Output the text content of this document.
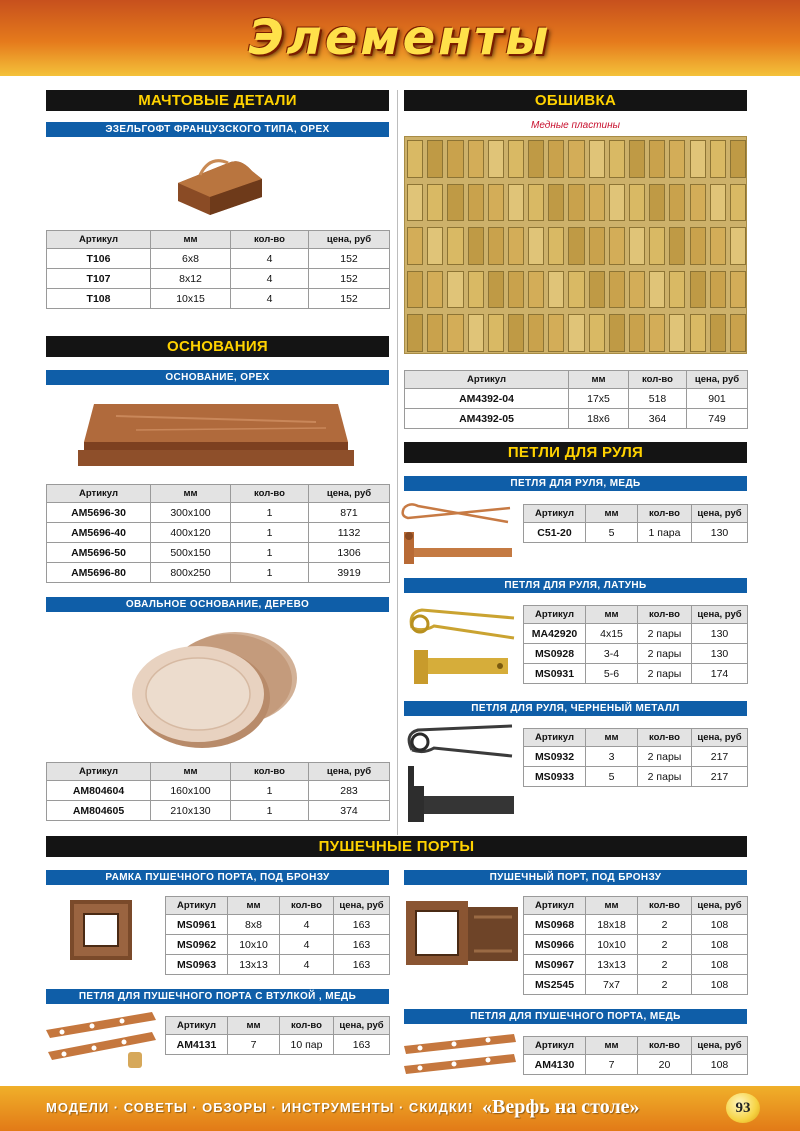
Элементы
МАЧТОВЫЕ ДЕТАЛИ
ЭЗЕЛЬГОФТ ФРАНЦУЗСКОГО ТИПА, ОРЕХ
Артикул	мм	кол-во	цена, руб
T106	6x8	4	152
T107	8x12	4	152
T108	10x15	4	152
ОСНОВАНИЯ
ОСНОВАНИЕ, ОРЕХ
Артикул	мм	кол-во	цена, руб
AM5696-30	300x100	1	871
AM5696-40	400x120	1	1132
AM5696-50	500x150	1	1306
AM5696-80	800x250	1	3919
ОВАЛЬНОЕ ОСНОВАНИЕ, ДЕРЕВО
Артикул	мм	кол-во	цена, руб
AM804604	160x100	1	283
AM804605	210x130	1	374
ОБШИВКА
Медные пластины
Артикул	мм	кол-во	цена, руб
AM4392-04	17x5	518	901
AM4392-05	18x6	364	749
ПЕТЛИ ДЛЯ РУЛЯ
ПЕТЛЯ ДЛЯ РУЛЯ, МЕДЬ
Артикул	мм	кол-во	цена, руб
C51-20	5	1 пара	130
ПЕТЛЯ ДЛЯ РУЛЯ, ЛАТУНЬ
Артикул	мм	кол-во	цена, руб
MA42920	4x15	2 пары	130
MS0928	3-4	2 пары	130
MS0931	5-6	2 пары	174
ПЕТЛЯ ДЛЯ РУЛЯ, ЧЕРНЕНЫЙ МЕТАЛЛ
Артикул	мм	кол-во	цена, руб
MS0932	3	2 пары	217
MS0933	5	2 пары	217
ПУШЕЧНЫЕ ПОРТЫ
РАМКА ПУШЕЧНОГО ПОРТА, ПОД БРОНЗУ
Артикул	мм	кол-во	цена, руб
MS0961	8x8	4	163
MS0962	10x10	4	163
MS0963	13x13	4	163
ПЕТЛЯ ДЛЯ ПУШЕЧНОГО ПОРТА С ВТУЛКОЙ , МЕДЬ
Артикул	мм	кол-во	цена, руб
AM4131	7	10 пар	163
ПУШЕЧНЫЙ ПОРТ, ПОД БРОНЗУ
Артикул	мм	кол-во	цена, руб
MS0968	18x18	2	108
MS0966	10x10	2	108
MS0967	13x13	2	108
MS2545	7x7	2	108
ПЕТЛЯ ДЛЯ ПУШЕЧНОГО ПОРТА, МЕДЬ
Артикул	мм	кол-во	цена, руб
AM4130	7	20	108
МОДЕЛИ · СОВЕТЫ · ОБЗОРЫ · ИНСТРУМЕНТЫ · СКИДКИ! «Верфь на столе»	93
